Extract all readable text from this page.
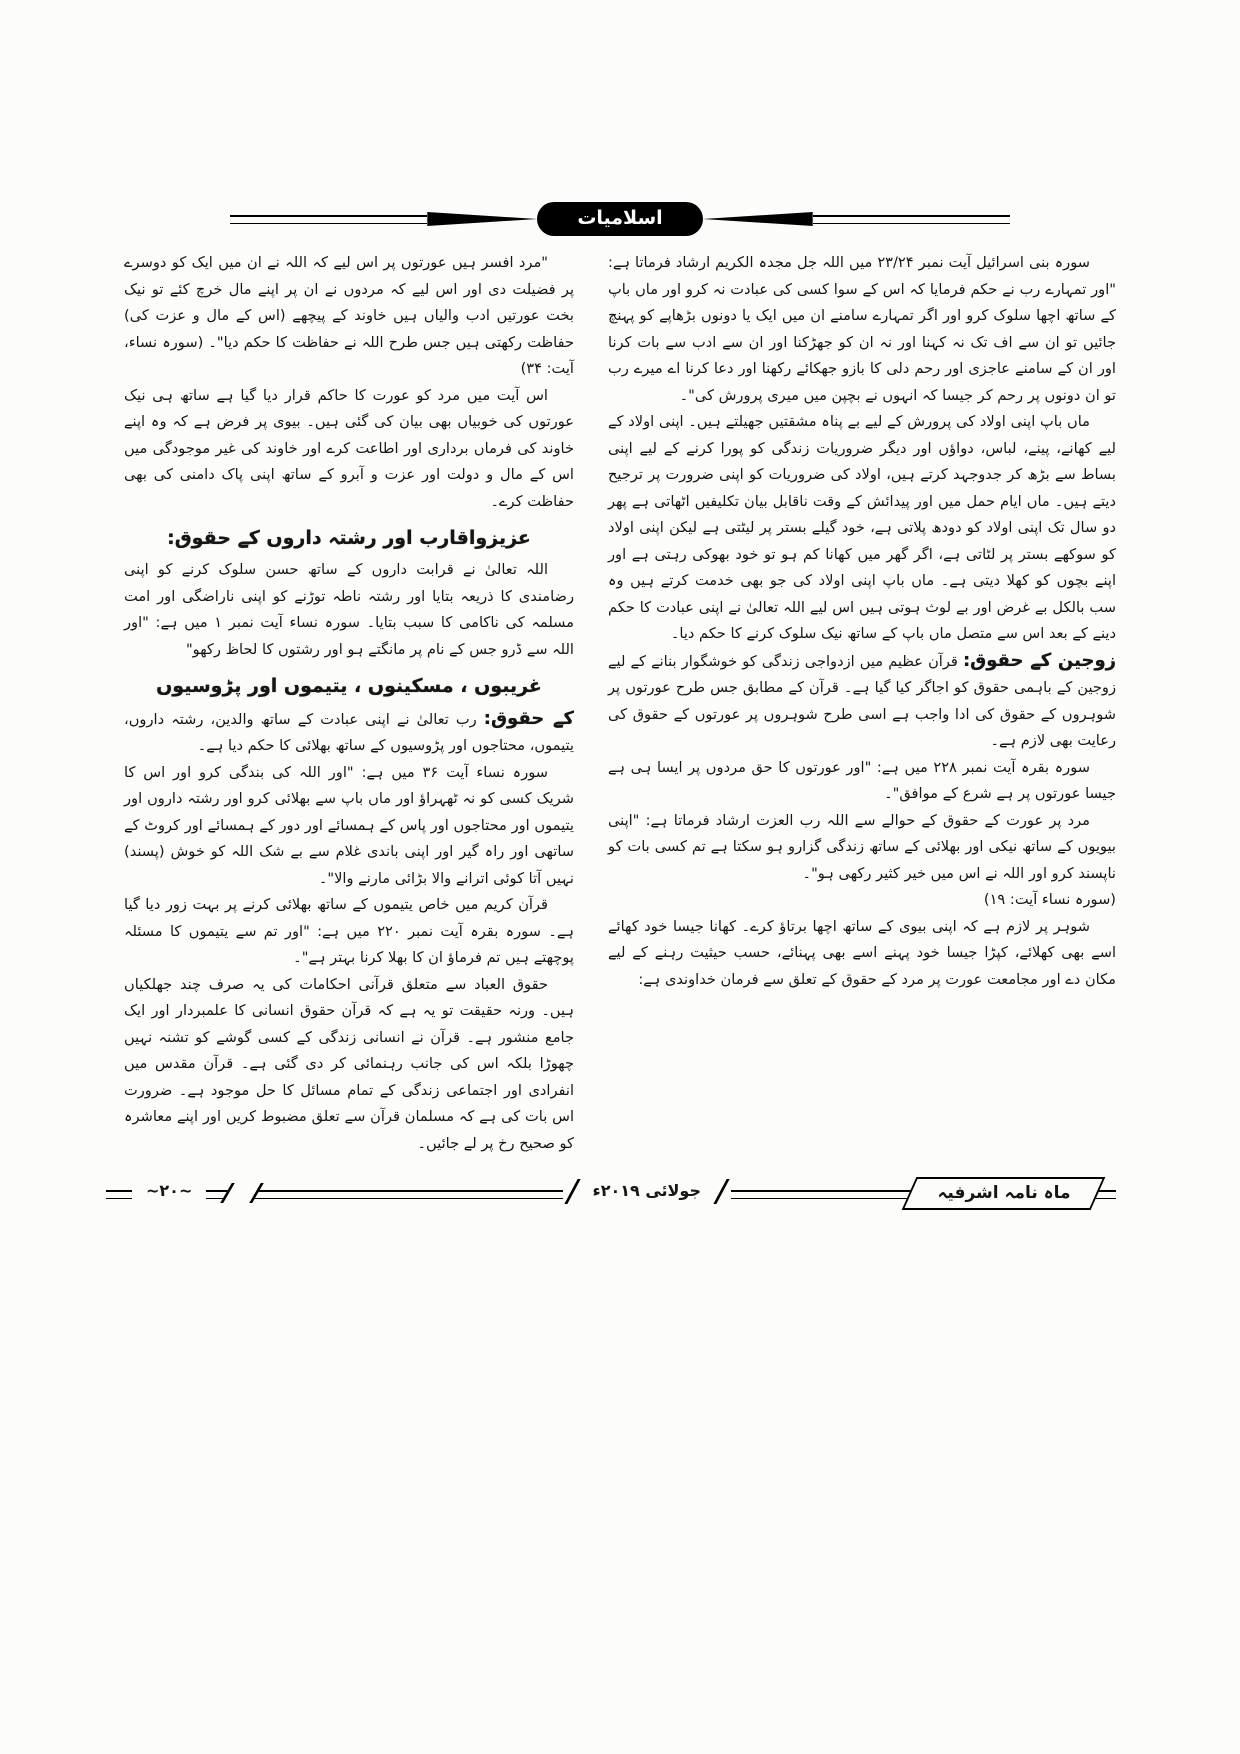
اسلامیات

سورہ بنی اسرائیل آیت نمبر ۲۳/۲۴ میں اللہ جل مجدہ الکریم ارشاد فرماتا ہے: "اور تمہارے رب نے حکم فرمایا کہ اس کے سوا کسی کی عبادت نہ کرو اور ماں باپ کے ساتھ اچھا سلوک کرو اور اگر تمہارے سامنے ان میں ایک یا دونوں بڑھاپے کو پہنچ جائیں تو ان سے اف تک نہ کہنا اور نہ ان کو جھڑکنا اور ان سے ادب سے بات کرنا اور ان کے سامنے عاجزی اور رحم دلی کا بازو جھکائے رکھنا اور دعا کرنا اے میرے رب تو ان دونوں پر رحم کر جیسا کہ انہوں نے بچپن میں میری پرورش کی"۔

ماں باپ اپنی اولاد کی پرورش کے لیے بے پناہ مشقتیں جھیلتے ہیں۔ اپنی اولاد کے لیے کھانے، پینے، لباس، دواؤں اور دیگر ضروریات زندگی کو پورا کرنے کے لیے اپنی بساط سے بڑھ کر جدوجہد کرتے ہیں، اولاد کی ضروریات کو اپنی ضرورت پر ترجیح دیتے ہیں۔ ماں ایام حمل میں اور پیدائش کے وقت ناقابل بیان تکلیفیں اٹھاتی ہے پھر دو سال تک اپنی اولاد کو دودھ پلاتی ہے، خود گیلے بستر پر لیٹتی ہے لیکن اپنی اولاد کو سوکھے بستر پر لٹاتی ہے، اگر گھر میں کھانا کم ہو تو خود بھوکی رہتی ہے اور اپنے بچوں کو کھلا دیتی ہے۔ ماں باپ اپنی اولاد کی جو بھی خدمت کرتے ہیں وہ سب بالکل بے غرض اور بے لوث ہوتی ہیں اس لیے اللہ تعالیٰ نے اپنی عبادت کا حکم دینے کے بعد اس سے متصل ماں باپ کے ساتھ نیک سلوک کرنے کا حکم دیا۔

زوجین کے حقوق: قرآن عظیم میں ازدواجی زندگی کو خوشگوار بنانے کے لیے زوجین کے باہمی حقوق کو اجاگر کیا گیا ہے۔ قرآن کے مطابق جس طرح عورتوں پر شوہروں کے حقوق کی ادا واجب ہے اسی طرح شوہروں پر عورتوں کے حقوق کی رعایت بھی لازم ہے۔

سورہ بقرہ آیت نمبر ۲۲۸ میں ہے: "اور عورتوں کا حق مردوں پر ایسا ہی ہے جیسا عورتوں پر ہے شرع کے موافق"۔

مرد پر عورت کے حقوق کے حوالے سے اللہ رب العزت ارشاد فرماتا ہے: "اپنی بیویوں کے ساتھ نیکی اور بھلائی کے ساتھ زندگی گزارو ہو سکتا ہے تم کسی بات کو ناپسند کرو اور اللہ نے اس میں خیر کثیر رکھی ہو"۔

(سورہ نساء آیت: ۱۹)

شوہر پر لازم ہے کہ اپنی بیوی کے ساتھ اچھا برتاؤ کرے۔ کھانا جیسا خود کھائے اسے بھی کھلائے، کپڑا جیسا خود پہنے اسے بھی پہنائے، حسب حیثیت رہنے کے لیے مکان دے اور مجامعت عورت پر مرد کے حقوق کے تعلق سے فرمان خداوندی ہے:

"مرد افسر ہیں عورتوں پر اس لیے کہ اللہ نے ان میں ایک کو دوسرے پر فضیلت دی اور اس لیے کہ مردوں نے ان پر اپنے مال خرچ کئے تو نیک بخت عورتیں ادب والیاں ہیں خاوند کے پیچھے (اس کے مال و عزت کی) حفاظت رکھتی ہیں جس طرح اللہ نے حفاظت کا حکم دیا"۔ (سورہ نساء، آیت: ۳۴)

اس آیت میں مرد کو عورت کا حاکم قرار دیا گیا ہے ساتھ ہی نیک عورتوں کی خوبیاں بھی بیان کی گئی ہیں۔ بیوی پر فرض ہے کہ وہ اپنے خاوند کی فرماں برداری اور اطاعت کرے اور خاوند کی غیر موجودگی میں اس کے مال و دولت اور عزت و آبرو کے ساتھ اپنی پاک دامنی کی بھی حفاظت کرے۔

عزیزواقارب اور رشتہ داروں کے حقوق:

اللہ تعالیٰ نے قرابت داروں کے ساتھ حسن سلوک کرنے کو اپنی رضامندی کا ذریعہ بتایا اور رشتہ ناطہ توڑنے کو اپنی ناراضگی اور امت مسلمہ کی ناکامی کا سبب بتایا۔ سورہ نساء آیت نمبر ۱ میں ہے: "اور اللہ سے ڈرو جس کے نام پر مانگتے ہو اور رشتوں کا لحاظ رکھو"

غریبوں ، مسکینوں ، یتیموں اور پڑوسیوں

کے حقوق: رب تعالیٰ نے اپنی عبادت کے ساتھ والدین، رشتہ داروں، یتیموں، محتاجوں اور پڑوسیوں کے ساتھ بھلائی کا حکم دیا ہے۔

سورہ نساء آیت ۳۶ میں ہے: "اور اللہ کی بندگی کرو اور اس کا شریک کسی کو نہ ٹھہراؤ اور ماں باپ سے بھلائی کرو اور رشتہ داروں اور یتیموں اور محتاجوں اور پاس کے ہمسائے اور دور کے ہمسائے اور کروٹ کے ساتھی اور راہ گیر اور اپنی باندی غلام سے بے شک اللہ کو خوش (پسند) نہیں آتا کوئی اترانے والا بڑائی مارنے والا"۔

قرآن کریم میں خاص یتیموں کے ساتھ بھلائی کرنے پر بہت زور دیا گیا ہے۔ سورہ بقرہ آیت نمبر ۲۲۰ میں ہے: "اور تم سے یتیموں کا مسئلہ پوچھتے ہیں تم فرماؤ ان کا بھلا کرنا بہتر ہے"۔

حقوق العباد سے متعلق قرآنی احکامات کی یہ صرف چند جھلکیاں ہیں۔ ورنہ حقیقت تو یہ ہے کہ قرآن حقوق انسانی کا علمبردار اور ایک جامع منشور ہے۔ قرآن نے انسانی زندگی کے کسی گوشے کو تشنہ نہیں چھوڑا بلکہ اس کی جانب رہنمائی کر دی گئی ہے۔ قرآن مقدس میں انفرادی اور اجتماعی زندگی کے تمام مسائل کا حل موجود ہے۔ ضرورت اس بات کی ہے کہ مسلمان قرآن سے تعلق مضبوط کریں اور اپنے معاشرہ کو صحیح رخ پر لے جائیں۔

ماہ نامہ اشرفیہ
جولائی ۲۰۱۹ء
~۲۰~
